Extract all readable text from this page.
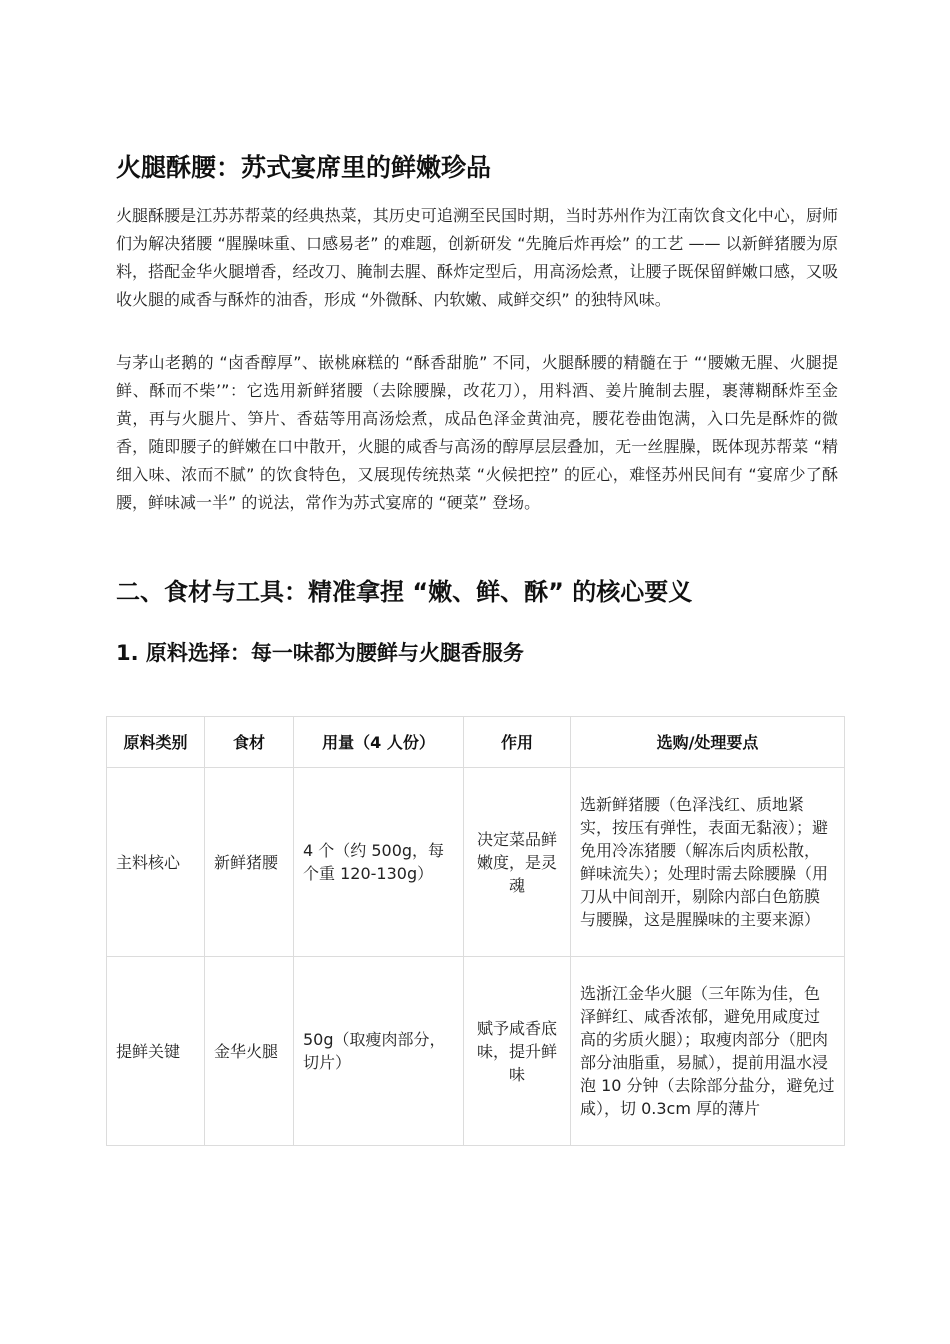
火腿酥腰：苏式宴席里的鲜嫩珍品

火腿酥腰是江苏苏帮菜的经典热菜，其历史可追溯至民国时期，当时苏州作为江南饮食文化中心，厨师们为解决猪腰 “腥臊味重、口感易老” 的难题，创新研发 “先腌后炸再烩” 的工艺 —— 以新鲜猪腰为原料，搭配金华火腿增香，经改刀、腌制去腥、酥炸定型后，用高汤烩煮，让腰子既保留鲜嫩口感，又吸收火腿的咸香与酥炸的油香，形成 “外微酥、内软嫩、咸鲜交织” 的独特风味。

与茅山老鹅的 “卤香醇厚”、嵌桃麻糕的 “酥香甜脆” 不同，火腿酥腰的精髓在于 “‘腰嫩无腥、火腿提鲜、酥而不柴’”：它选用新鲜猪腰（去除腰臊，改花刀），用料酒、姜片腌制去腥，裹薄糊酥炸至金黄，再与火腿片、笋片、香菇等用高汤烩煮，成品色泽金黄油亮，腰花卷曲饱满，入口先是酥炸的微香，随即腰子的鲜嫩在口中散开，火腿的咸香与高汤的醇厚层层叠加，无一丝腥臊，既体现苏帮菜 “精细入味、浓而不腻” 的饮食特色，又展现传统热菜 “火候把控” 的匠心，难怪苏州民间有 “宴席少了酥腰，鲜味减一半” 的说法，常作为苏式宴席的 “硬菜” 登场。

二、食材与工具：精准拿捏 “嫩、鲜、酥” 的核心要义
1. 原料选择：每一味都为腰鲜与火腿香服务
原料类别	食材	用量（4 人份）	作用	选购/处理要点
主料核心	新鲜猪腰	4 个（约 500g，每个重 120-130g）	决定菜品鲜嫩度，是灵魂	选新鲜猪腰（色泽浅红、质地紧实，按压有弹性，表面无黏液）；避免用冷冻猪腰（解冻后肉质松散，鲜味流失）；处理时需去除腰臊（用刀从中间剖开，剔除内部白色筋膜与腰臊，这是腥臊味的主要来源）
提鲜关键	金华火腿	50g（取瘦肉部分，切片）	赋予咸香底味，提升鲜味	选浙江金华火腿（三年陈为佳，色泽鲜红、咸香浓郁，避免用咸度过高的劣质火腿）；取瘦肉部分（肥肉部分油脂重，易腻），提前用温水浸泡 10 分钟（去除部分盐分，避免过咸），切 0.3cm 厚的薄片
